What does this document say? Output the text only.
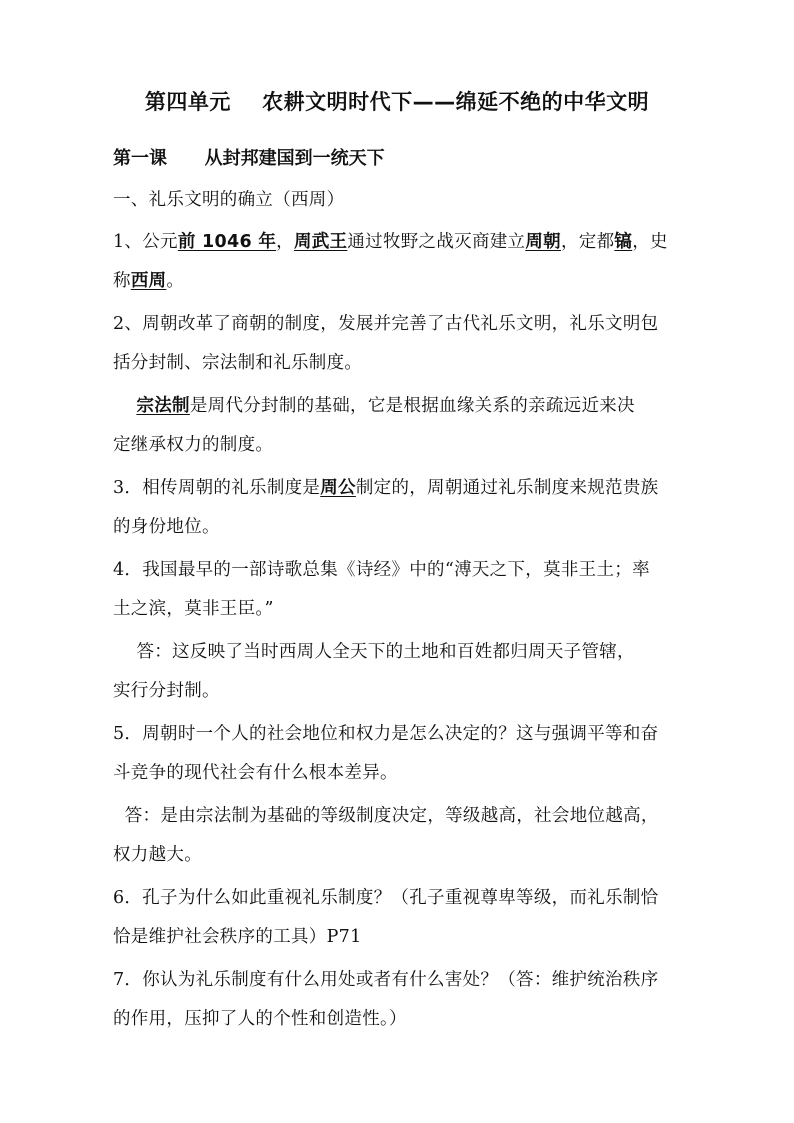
第四单元    农耕文明时代下——绵延不绝的中华文明
第一课      从封邦建国到一统天下
一、礼乐文明的确立（西周）
1、公元前 1046 年，周武王通过牧野之战灭商建立周朝，定都镐，史
称西周。
2、周朝改革了商朝的制度，发展并完善了古代礼乐文明，礼乐文明包
括分封制、宗法制和礼乐制度。
宗法制是周代分封制的基础，它是根据血缘关系的亲疏远近来决
定继承权力的制度。
3．相传周朝的礼乐制度是周公制定的，周朝通过礼乐制度来规范贵族
的身份地位。
4．我国最早的一部诗歌总集《诗经》中的“溥天之下，莫非王土；率
土之滨，莫非王臣。”
答：这反映了当时西周人全天下的土地和百姓都归周天子管辖，
实行分封制。
5．周朝时一个人的社会地位和权力是怎么决定的？这与强调平等和奋
斗竞争的现代社会有什么根本差异。
答：是由宗法制为基础的等级制度决定，等级越高，社会地位越高，
权力越大。
6．孔子为什么如此重视礼乐制度？（孔子重视尊卑等级，而礼乐制恰
恰是维护社会秩序的工具）P71
7．你认为礼乐制度有什么用处或者有什么害处？（答：维护统治秩序
的作用，压抑了人的个性和创造性。）
